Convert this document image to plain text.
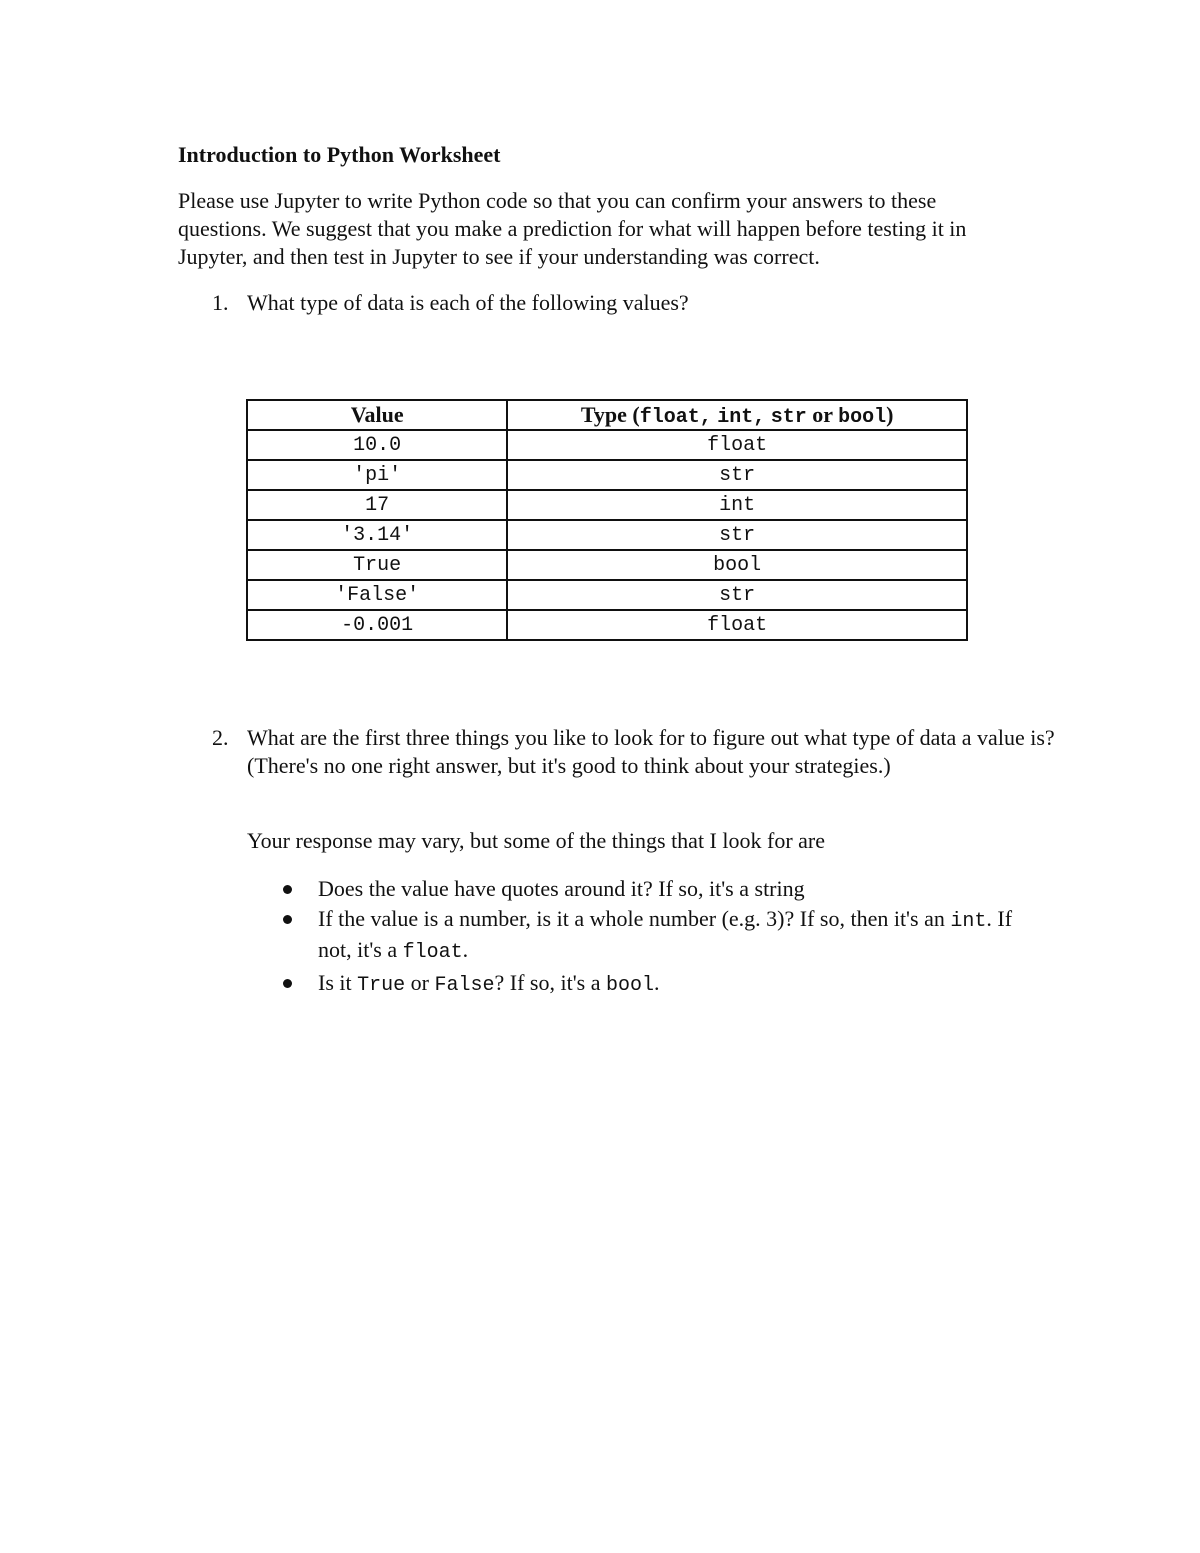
Introduction to Python Worksheet

Please use Jupyter to write Python code so that you can confirm your answers to these questions. We suggest that you make a prediction for what will happen before testing it in Jupyter, and then test in Jupyter to see if your understanding was correct.

1. What type of data is each of the following values?

Value	Type (float, int, str or bool)
10.0	float
'pi'	str
17	int
'3.14'	str
True	bool
'False'	str
-0.001	float

2. What are the first three things you like to look for to figure out what type of data a value is? (There's no one right answer, but it's good to think about your strategies.)

Your response may vary, but some of the things that I look for are

Does the value have quotes around it? If so, it's a string
If the value is a number, is it a whole number (e.g. 3)? If so, then it's an int. If not, it's a float.
Is it True or False? If so, it's a bool.
